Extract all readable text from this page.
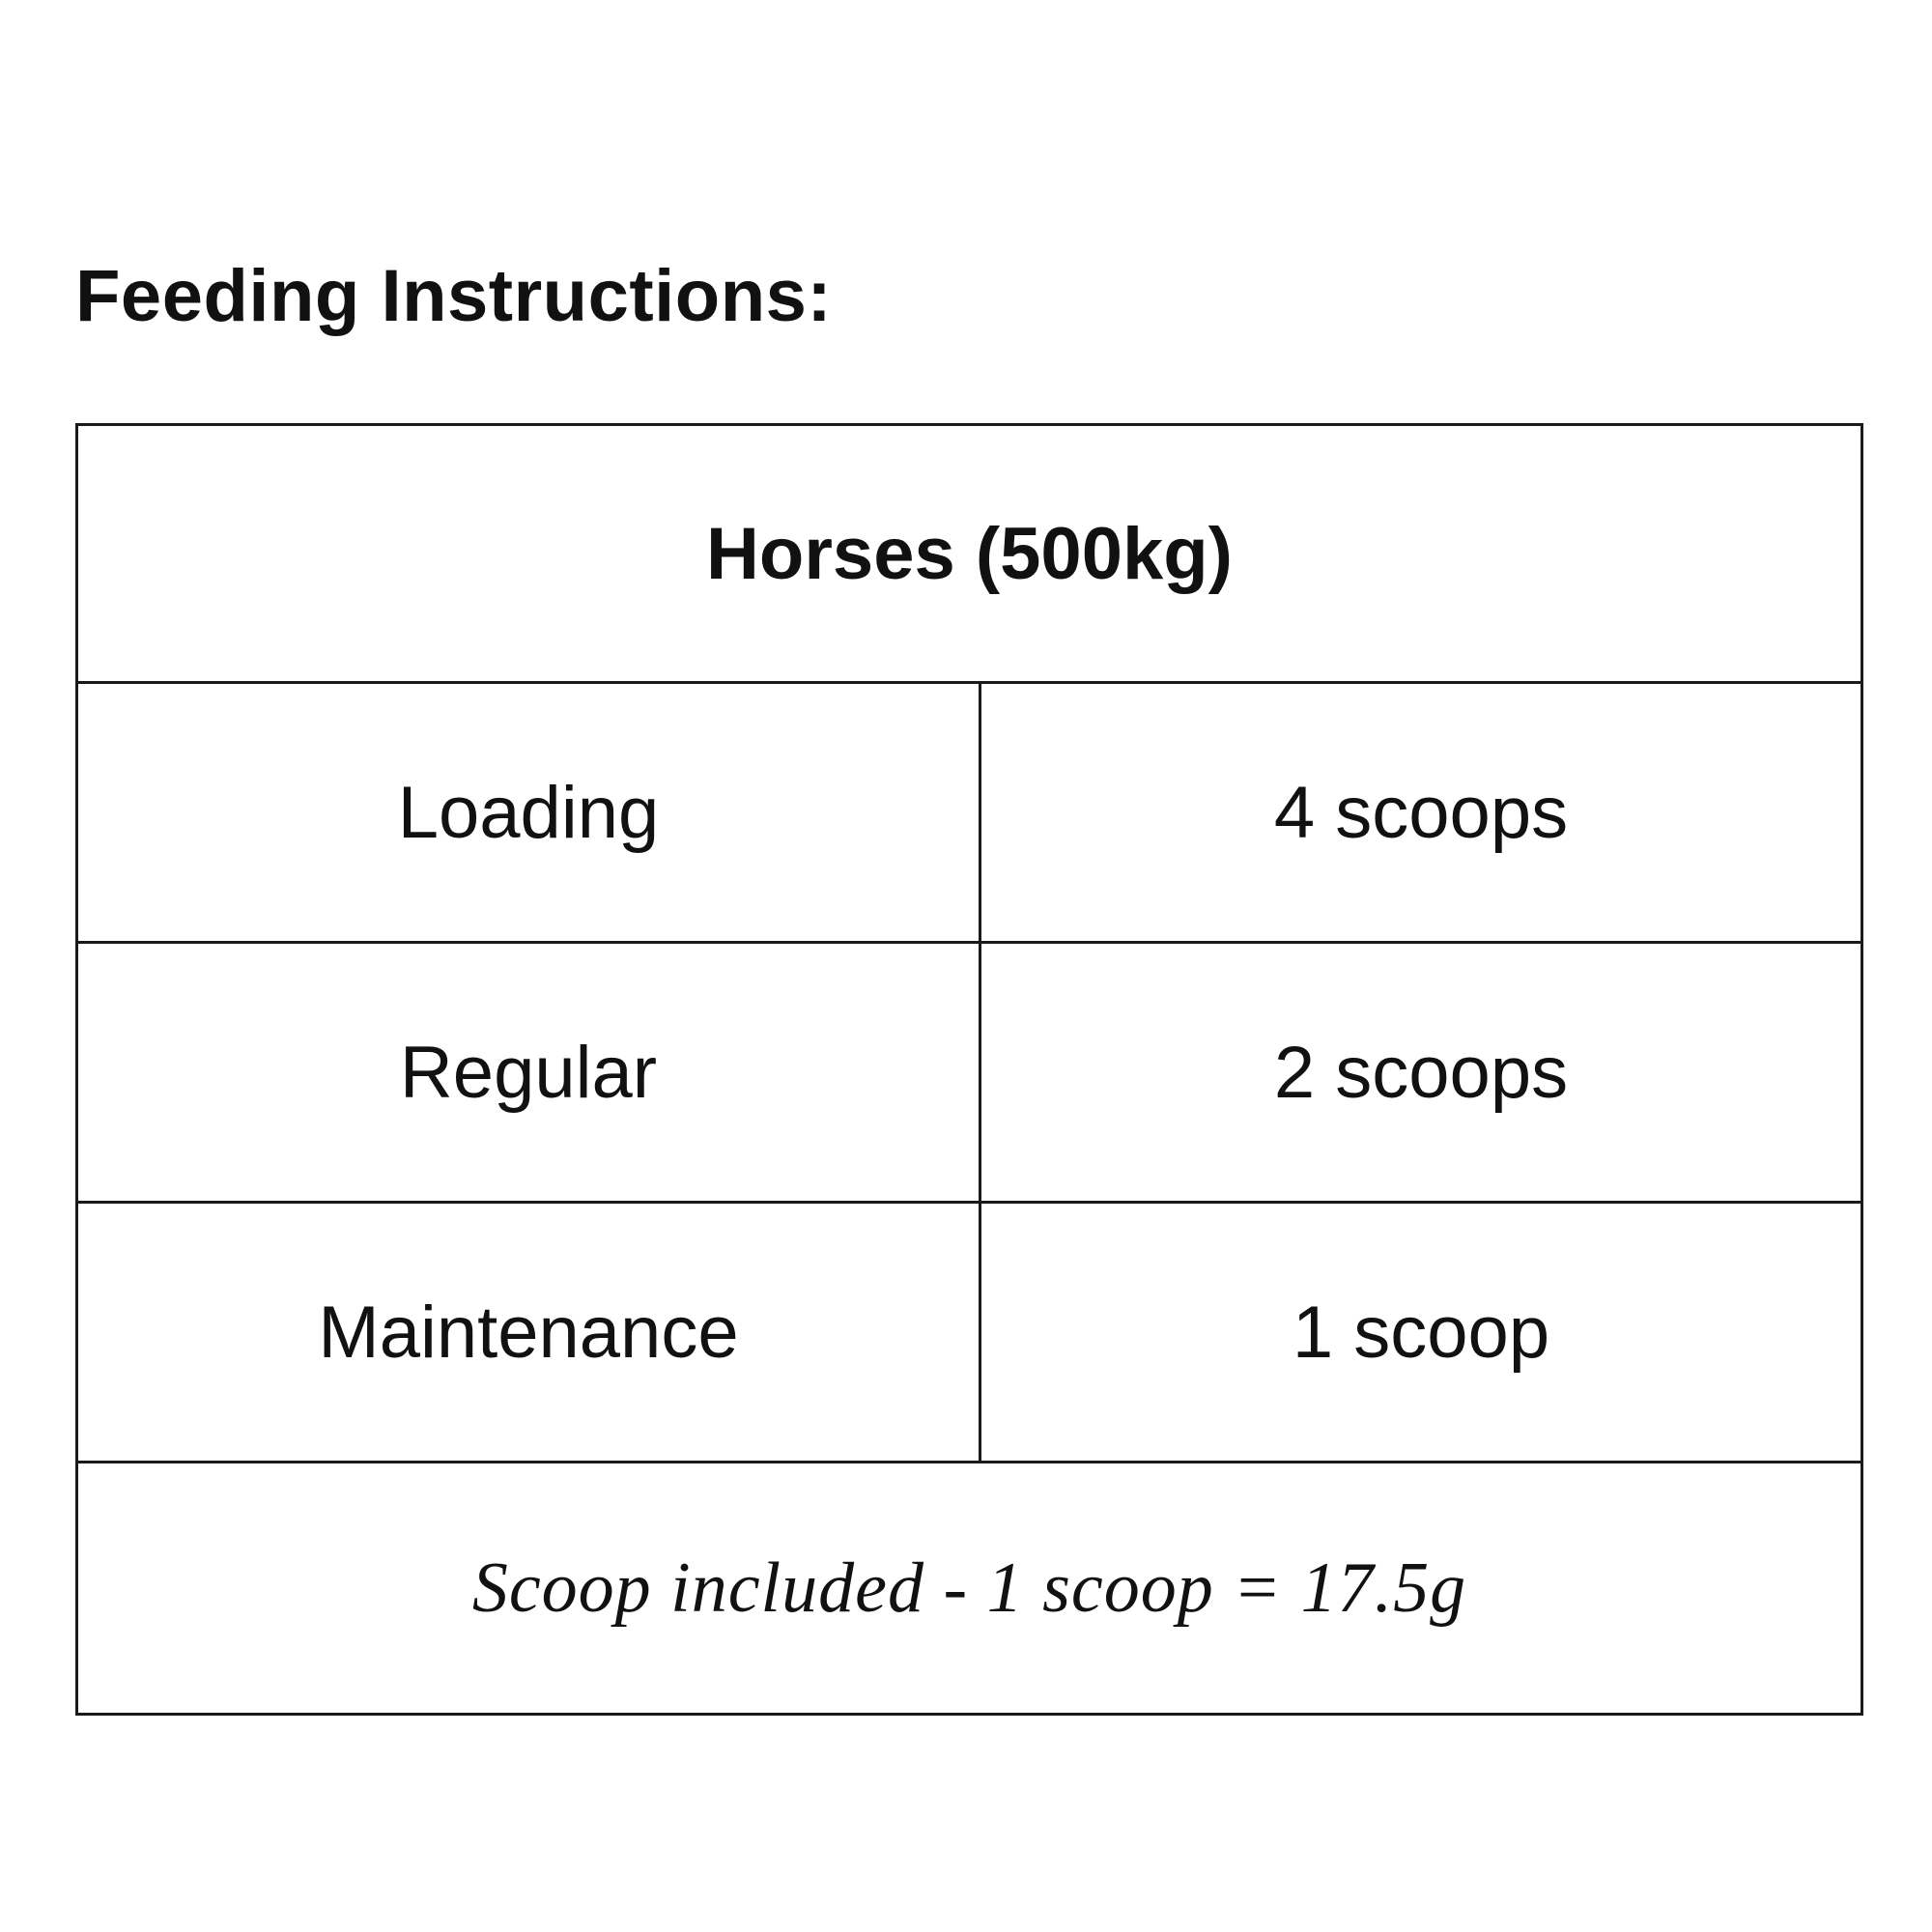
Feeding Instructions:
Horses (500kg)	
Loading	4 scoops
Regular	2 scoops
Maintenance	1 scoop
Scoop included - 1 scoop = 17.5g	
